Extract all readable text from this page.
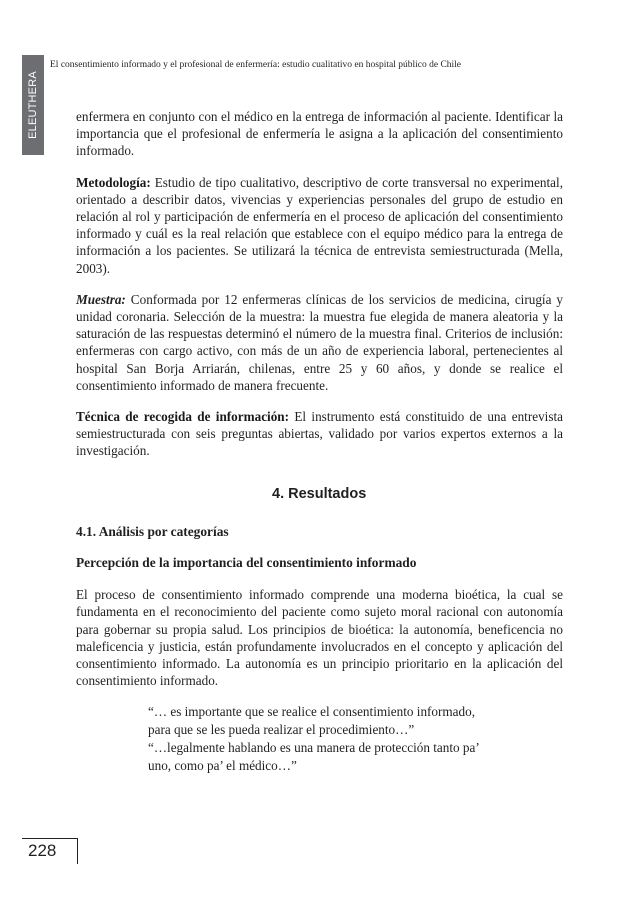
ELEUTHERA
El consentimiento informado y el profesional de enfermería: estudio cualitativo en hospital público de Chile

enfermera en conjunto con el médico en la entrega de información al paciente. Identificar la importancia que el profesional de enfermería le asigna a la aplicación del consentimiento informado.

Metodología: Estudio de tipo cualitativo, descriptivo de corte transversal no experimental, orientado a describir datos, vivencias y experiencias personales del grupo de estudio en relación al rol y participación de enfermería en el proceso de aplicación del consentimiento informado y cuál es la real relación que establece con el equipo médico para la entrega de información a los pacientes. Se utilizará la técnica de entrevista semiestructurada (Mella, 2003).

Muestra: Conformada por 12 enfermeras clínicas de los servicios de medicina, cirugía y unidad coronaria. Selección de la muestra: la muestra fue elegida de manera aleatoria y la saturación de las respuestas determinó el número de la muestra final. Criterios de inclusión: enfermeras con cargo activo, con más de un año de experiencia laboral, pertenecientes al hospital San Borja Arriarán, chilenas, entre 25 y 60 años, y donde se realice el consentimiento informado de manera frecuente.

Técnica de recogida de información: El instrumento está constituido de una entrevista semiestructurada con seis preguntas abiertas, validado por varios expertos externos a la investigación.

4. Resultados
4.1. Análisis por categorías
Percepción de la importancia del consentimiento informado

El proceso de consentimiento informado comprende una moderna bioética, la cual se fundamenta en el reconocimiento del paciente como sujeto moral racional con autonomía para gobernar su propia salud. Los principios de bioética: la autonomía, beneficencia no maleficencia y justicia, están profundamente involucrados en el concepto y aplicación del consentimiento informado. La autonomía es un principio prioritario en la aplicación del consentimiento informado.

“… es importante que se realice el consentimiento informado,
para que se les pueda realizar el procedimiento…”
“…legalmente hablando es una manera de protección tanto pa’
uno, como pa’ el médico…”
228
